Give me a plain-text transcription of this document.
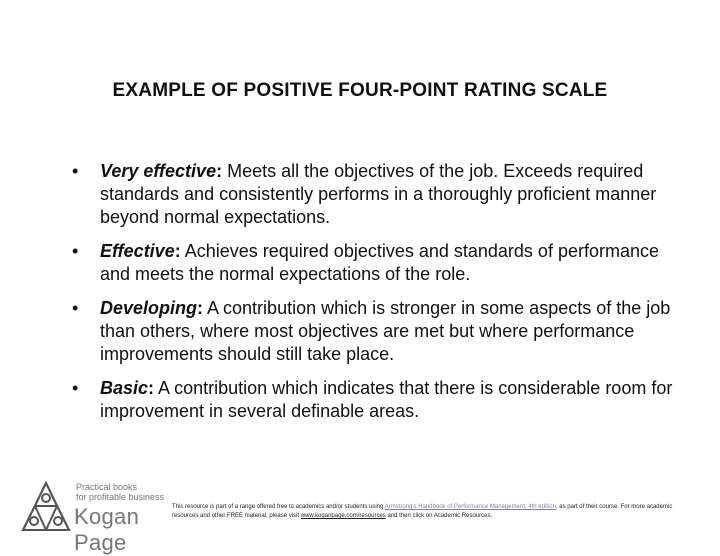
EXAMPLE OF POSITIVE FOUR-POINT RATING SCALE
• Very effective: Meets all the objectives of the job. Exceeds required standards and consistently performs in a thoroughly proficient manner beyond normal expectations.
• Effective: Achieves required objectives and standards of performance and meets the normal expectations of the role.
• Developing: A contribution which is stronger in some aspects of the job than others, where most objectives are met but where performance improvements should still take place.
• Basic: A contribution which indicates that there is considerable room for improvement in several definable areas.
Practical books
for profitable business
Kogan Page
This resource is part of a range offered free to academics and/or students using Armstrong's Handbook of Performance Management, 4th edition, as part of their course. For more academic resources and other FREE material, please visit www.koganpage.com/resources and then click on Academic Resources.
